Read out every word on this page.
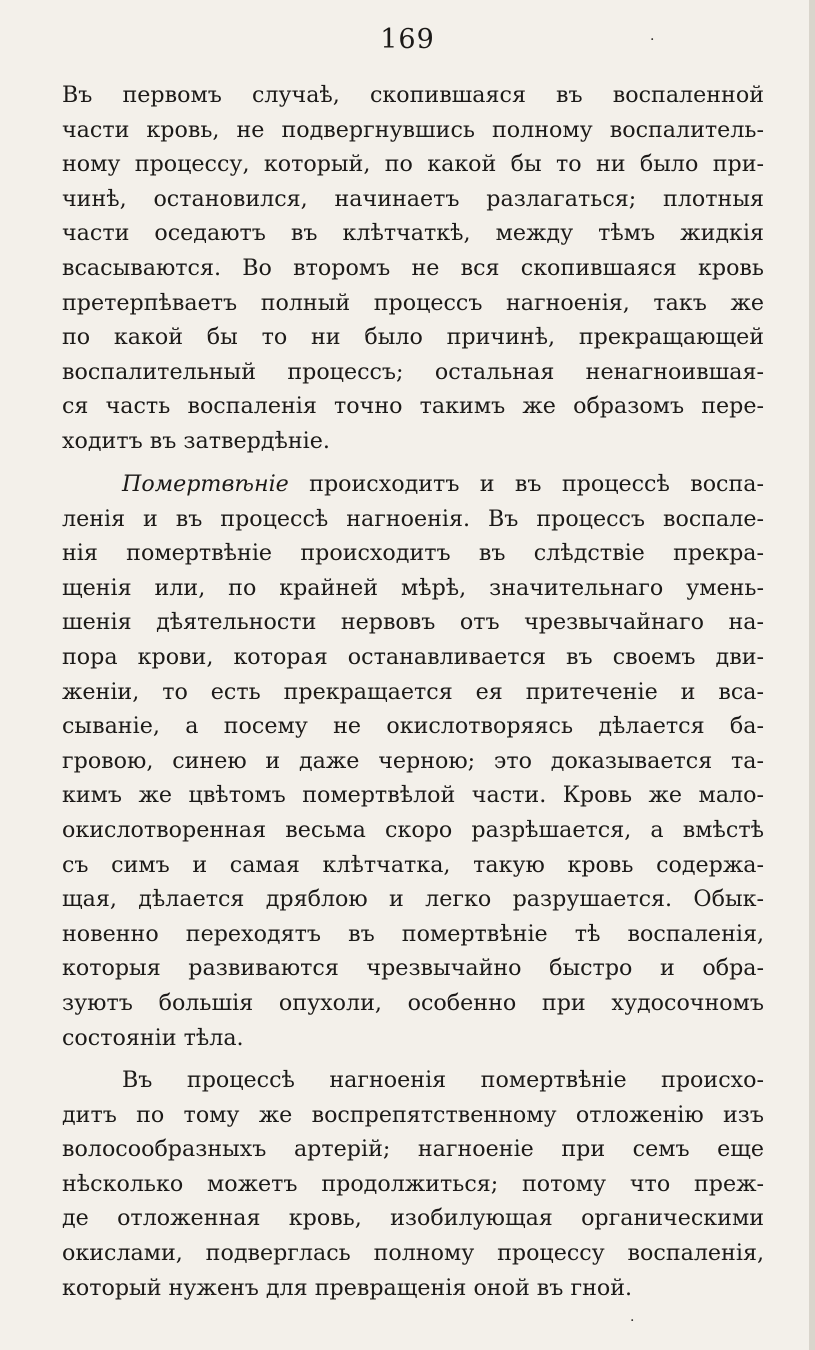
169	·
Въ первомъ случаѣ, скопившаяся въ воспаленной
части кровь, не подвергнувшись полному воспалитель-
ному процессу, который, по какой бы то ни было при-
чинѣ, остановился, начинаетъ разлагаться; плотныя
части оседаютъ въ клѣтчаткѣ, между тѣмъ жидкія
всасываются. Во второмъ не вся скопившаяся кровь
претерпѣваетъ полный процессъ нагноенія, такъ же
по какой бы то ни было причинѣ, прекращающей
воспалительный процессъ; остальная ненагноившая-
ся часть воспаленія точно такимъ же образомъ пере-
ходитъ въ затвердѣніе.
Помертвѣніе происходитъ и въ процессѣ воспа-
ленія и въ процессѣ нагноенія. Въ процессъ воспале-
нія помертвѣніе происходитъ въ слѣдствіе прекра-
щенія или, по крайней мѣрѣ, значительнаго умень-
шенія дѣятельности нервовъ отъ чрезвычайнаго на-
пора крови, которая останавливается въ своемъ дви-
женіи, то есть прекращается ея притеченіе и вса-
сываніе, а посему не окислотворяясь дѣлается ба-
гровою, синею и даже черною; это доказывается та-
кимъ же цвѣтомъ помертвѣлой части. Кровь же мало-
окислотворенная весьма скоро разрѣшается, а вмѣстѣ
съ симъ и самая клѣтчатка, такую кровь содержа-
щая, дѣлается дряблою и легко разрушается. Обык-
новенно переходятъ въ помертвѣніе тѣ воспаленія,
которыя развиваются чрезвычайно быстро и обра-
зуютъ большія опухоли, особенно при худосочномъ
состояніи тѣла.
Въ процессѣ нагноенія помертвѣніе происхо-
дитъ по тому же воспрепятственному отложенію изъ
волосообразныхъ артерій; нагноеніе при семъ еще
нѣсколько можетъ продолжиться; потому что преж-
де отложенная кровь, изобилующая органическими
окислами, подверглась полному процессу воспаленія,
который нуженъ для превращенія оной въ гной.
·
